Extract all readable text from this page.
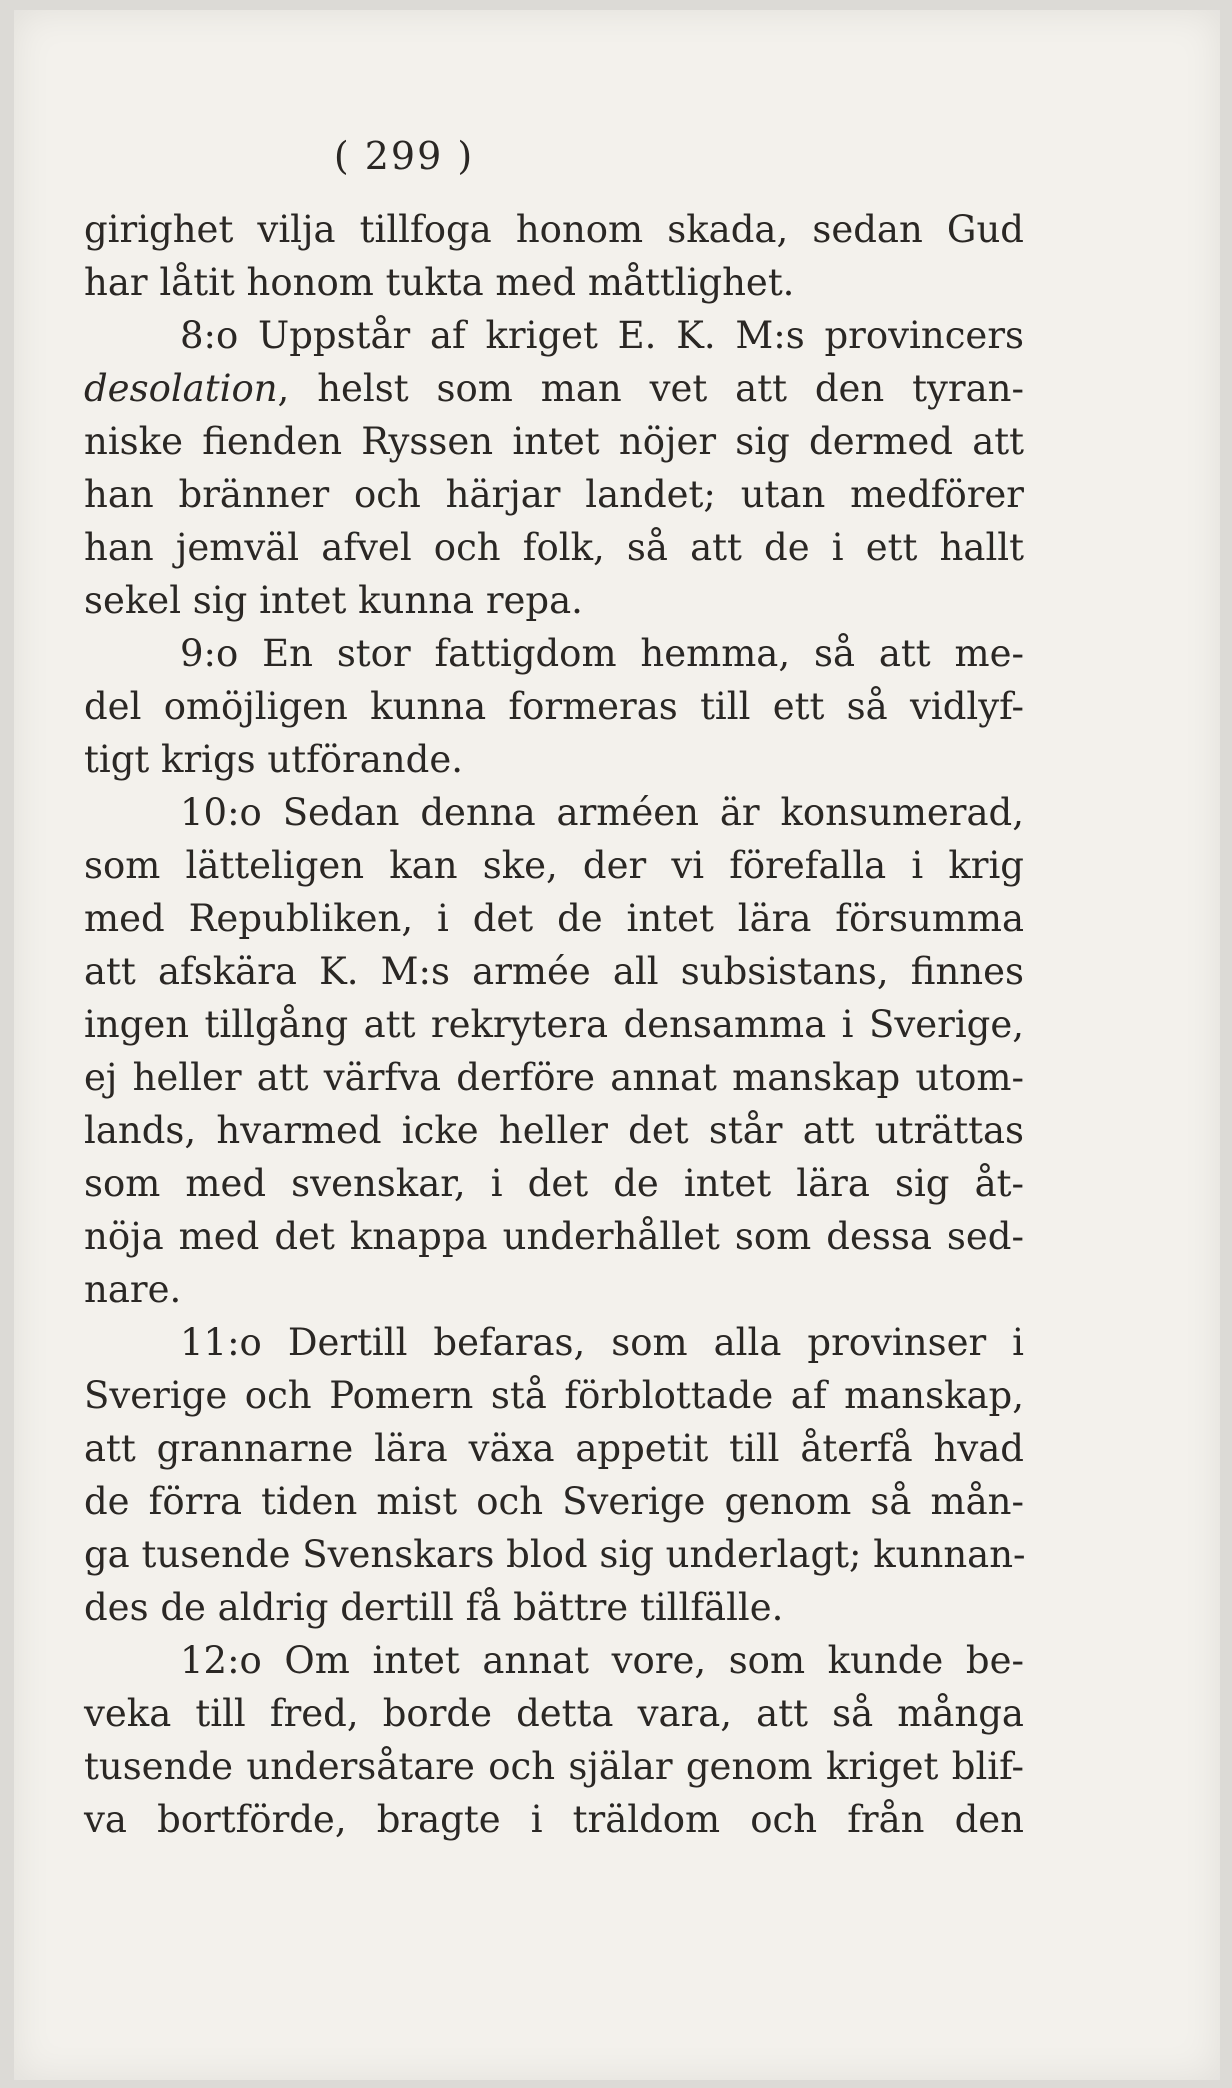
( 299 )
girighet vilja tillfoga honom skada, sedan Gud
har låtit honom tukta med måttlighet.
8:o Uppstår af kriget E. K. M:s provincers
desolation, helst som man vet att den tyran-
niske fienden Ryssen intet nöjer sig dermed att
han bränner och härjar landet; utan medförer
han jemväl afvel och folk, så att de i ett hallt
sekel sig intet kunna repa.
9:o En stor fattigdom hemma, så att me-
del omöjligen kunna formeras till ett så vidlyf-
tigt krigs utförande.
10:o Sedan denna arméen är konsumerad,
som lätteligen kan ske, der vi förefalla i krig
med Republiken, i det de intet lära försumma
att afskära K. M:s armée all subsistans, finnes
ingen tillgång att rekrytera densamma i Sverige,
ej heller att värfva derföre annat manskap utom-
lands, hvarmed icke heller det står att uträttas
som med svenskar, i det de intet lära sig åt-
nöja med det knappa underhållet som dessa sed-
nare.
11:o Dertill befaras, som alla provinser i
Sverige och Pomern stå förblottade af manskap,
att grannarne lära växa appetit till återfå hvad
de förra tiden mist och Sverige genom så mån-
ga tusende Svenskars blod sig underlagt; kunnan-
des de aldrig dertill få bättre tillfälle.
12:o Om intet annat vore, som kunde be-
veka till fred, borde detta vara, att så många
tusende undersåtare och själar genom kriget blif-
va bortförde, bragte i träldom och från den
